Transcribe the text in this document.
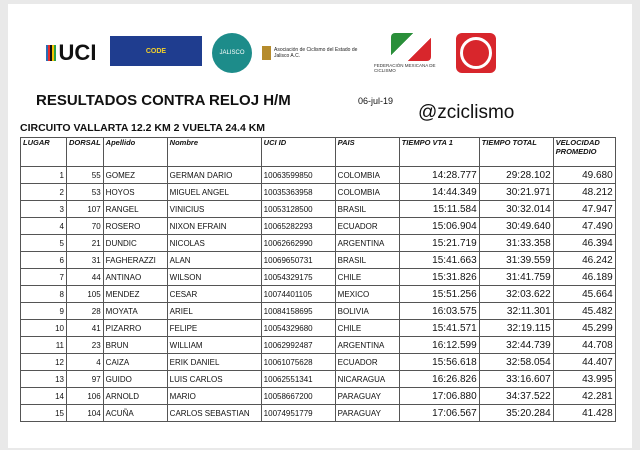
UCI	CODE	JALISCO	Asociación de Ciclismo del Estado de Jalisco A.C.
FEDERACIÓN MEXICANA DE CICLISMO
RESULTADOS CONTRA RELOJ H/M	06-jul-19
@zciclismo
CIRCUITO VALLARTA 12.2 KM 2 VUELTA 24.4 KM
LUGAR	DORSAL	Apellido	Nombre	UCI ID	PAIS	TIEMPO VTA 1	TIEMPO TOTAL	VELOCIDAD PROMEDIO
1	55	GOMEZ	GERMAN DARIO	10063599850	COLOMBIA	14:28.777	29:28.102	49.680
2	53	HOYOS	MIGUEL ANGEL	10035363958	COLOMBIA	14:44.349	30:21.971	48.212
3	107	RANGEL	VINICIUS	10053128500	BRASIL	15:11.584	30:32.014	47.947
4	70	ROSERO	NIXON EFRAIN	10065282293	ECUADOR	15:06.904	30:49.640	47.490
5	21	DUNDIC	NICOLAS	10062662990	ARGENTINA	15:21.719	31:33.358	46.394
6	31	FAGHERAZZI	ALAN	10069650731	BRASIL	15:41.663	31:39.559	46.242
7	44	ANTINAO	WILSON	10054329175	CHILE	15:31.826	31:41.759	46.189
8	105	MENDEZ	CESAR	10074401105	MEXICO	15:51.256	32:03.622	45.664
9	28	MOYATA	ARIEL	10084158695	BOLIVIA	16:03.575	32:11.301	45.482
10	41	PIZARRO	FELIPE	10054329680	CHILE	15:41.571	32:19.115	45.299
11	23	BRUN	WILLIAM	10062992487	ARGENTINA	16:12.599	32:44.739	44.708
12	4	CAIZA	ERIK DANIEL	10061075628	ECUADOR	15:56.618	32:58.054	44.407
13	97	GUIDO	LUIS CARLOS	10062551341	NICARAGUA	16:26.826	33:16.607	43.995
14	106	ARNOLD	MARIO	10058667200	PARAGUAY	17:06.880	34:37.522	42.281
15	104	ACUÑA	CARLOS SEBASTIAN	10074951779	PARAGUAY	17:06.567	35:20.284	41.428
